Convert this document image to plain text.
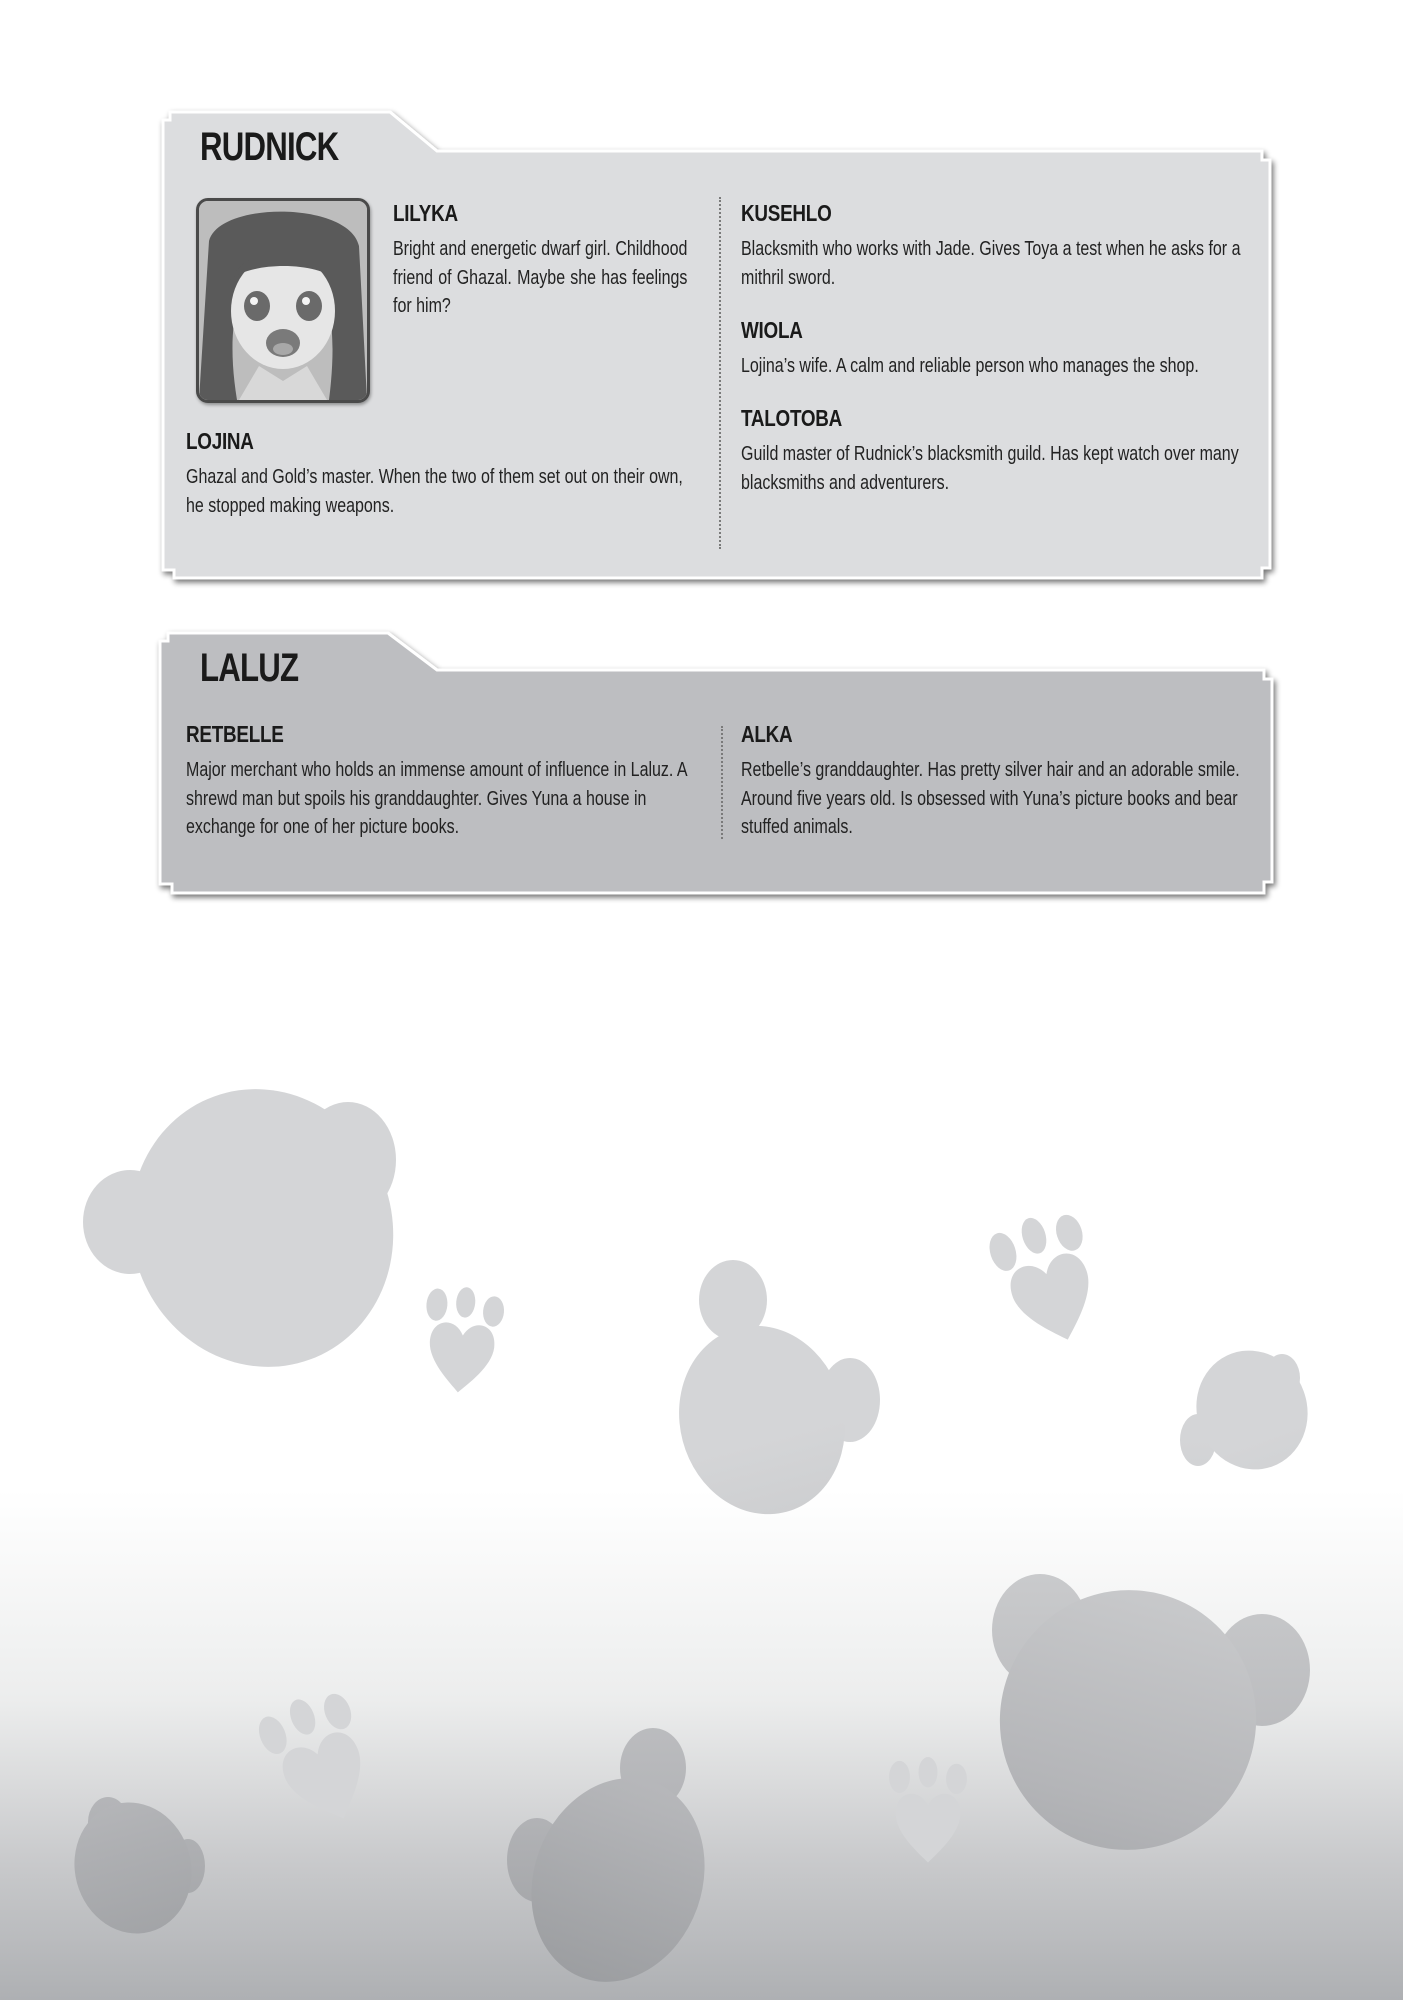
RUDNICK
LILYKA
Bright and energetic dwarf girl. Childhood friend of Ghazal. Maybe she has feelings for him?
LOJINA
Ghazal and Gold’s master. When the two of them set out on their own, he stopped making weapons.
KUSEHLO
Blacksmith who works with Jade. Gives Toya a test when he asks for a mithril sword.
WIOLA
Lojina’s wife. A calm and reliable person who manages the shop.
TALOTOBA
Guild master of Rudnick’s blacksmith guild. Has kept watch over many blacksmiths and adventurers.
LALUZ
RETBELLE
Major merchant who holds an immense amount of influence in Laluz. A shrewd man but spoils his granddaughter. Gives Yuna a house in exchange for one of her picture books.
ALKA
Retbelle’s granddaughter. Has pretty silver hair and an adorable smile. Around five years old. Is obsessed with Yuna’s picture books and bear stuffed animals.
